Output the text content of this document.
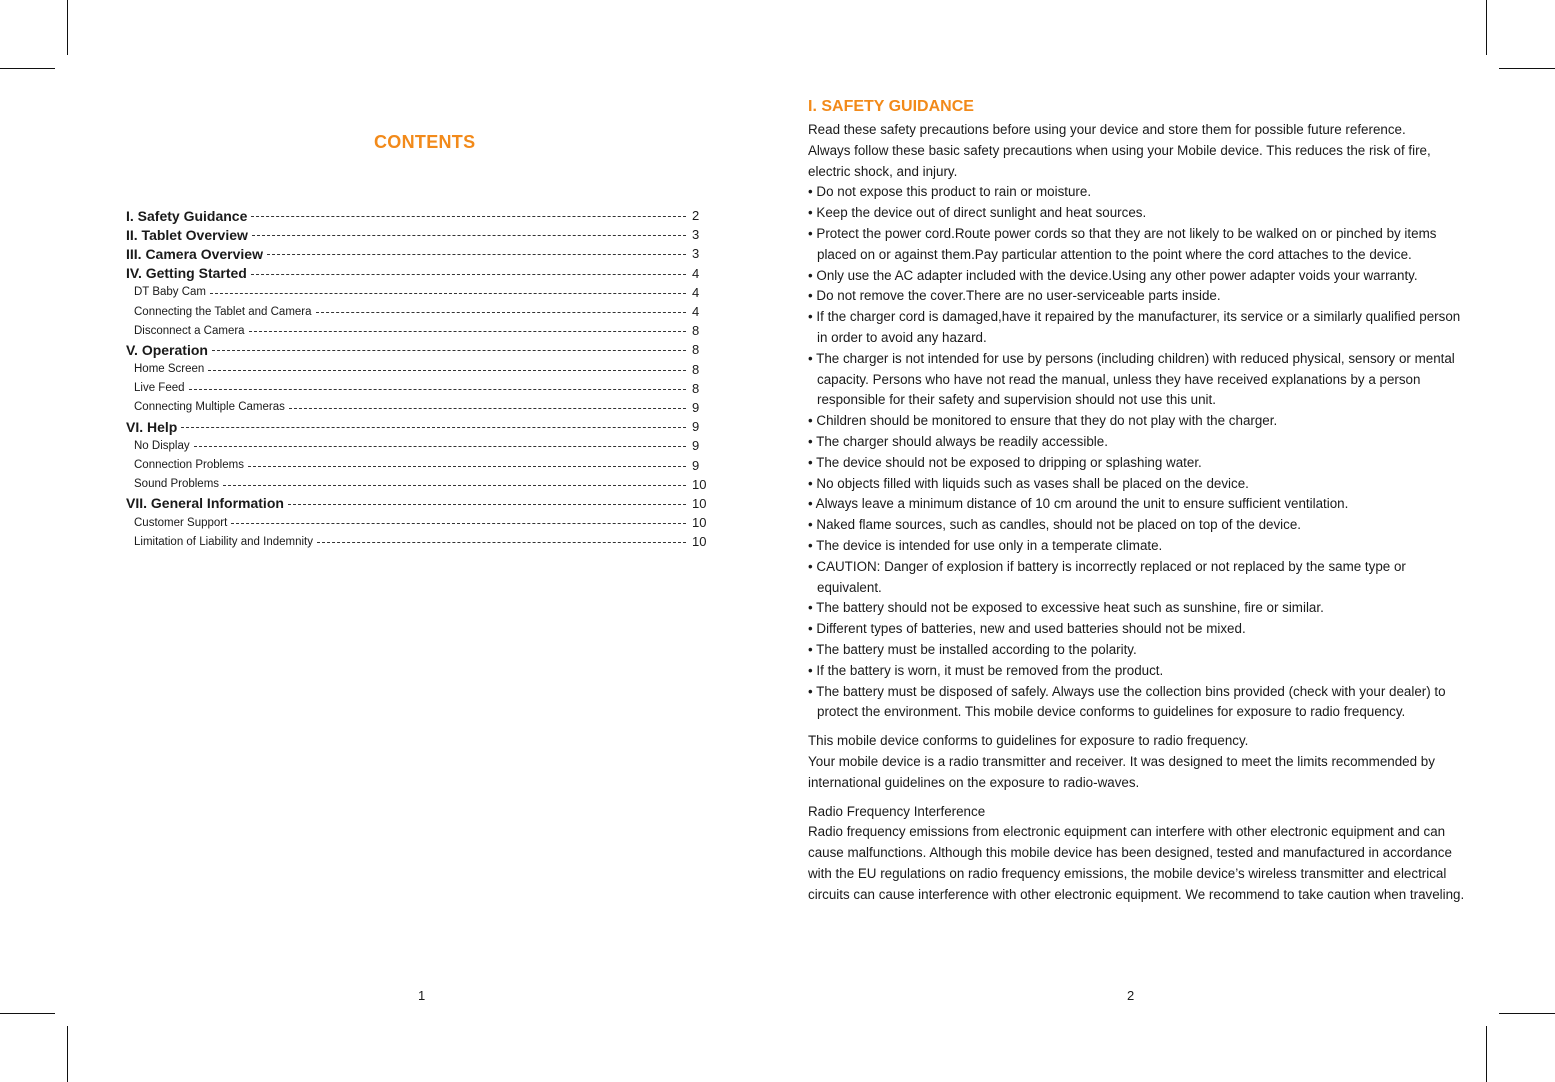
CONTENTS
I. Safety Guidance	2
II. Tablet Overview	3
III. Camera Overview	3
IV. Getting Started	4
DT Baby Cam	4
Connecting the Tablet and Camera	4
Disconnect a Camera	8
V. Operation	8
Home Screen	8
Live Feed	8
Connecting Multiple Cameras	9
VI. Help	9
No Display	9
Connection Problems	9
Sound Problems	10
VII. General Information	10
Customer Support	10
Limitation of Liability and Indemnity	10
1	2
I. SAFETY GUIDANCE
Read these safety precautions before using your device and store them for possible future reference.
Always follow these basic safety precautions when using your Mobile device. This reduces the risk of fire, electric shock, and injury.
• Do not expose this product to rain or moisture.
• Keep the device out of direct sunlight and heat sources.
• Protect the power cord.Route power cords so that they are not likely to be walked on or pinched by items placed on or against them.Pay particular attention to the point where the cord attaches to the device.
• Only use the AC adapter included with the device.Using any other power adapter voids your warranty.
• Do not remove the cover.There are no user-serviceable parts inside.
• If the charger cord is damaged,have it repaired by the manufacturer, its service or a similarly qualified person in order to avoid any hazard.
• The charger is not intended for use by persons (including children) with reduced physical, sensory or mental capacity. Persons who have not read the manual, unless they have received explanations by a person responsible for their safety and supervision should not use this unit.
• Children should be monitored to ensure that they do not play with the charger.
• The charger should always be readily accessible.
• The device should not be exposed to dripping or splashing water.
• No objects filled with liquids such as vases shall be placed on the device.
• Always leave a minimum distance of 10 cm around the unit to ensure sufficient ventilation.
• Naked flame sources, such as candles, should not be placed on top of the device.
• The device is intended for use only in a temperate climate.
• CAUTION: Danger of explosion if battery is incorrectly replaced or not replaced by the same type or equivalent.
• The battery should not be exposed to excessive heat such as sunshine, fire or similar.
• Different types of batteries, new and used batteries should not be mixed.
• The battery must be installed according to the polarity.
• If the battery is worn, it must be removed from the product.
• The battery must be disposed of safely. Always use the collection bins provided (check with your dealer) to protect the environment. This mobile device conforms to guidelines for exposure to radio frequency.
This mobile device conforms to guidelines for exposure to radio frequency.
Your mobile device is a radio transmitter and receiver. It was designed to meet the limits recommended by international guidelines on the exposure to radio-waves.
Radio Frequency Interference
Radio frequency emissions from electronic equipment can interfere with other electronic equipment and can cause malfunctions. Although this mobile device has been designed, tested and manufactured in accordance with the EU regulations on radio frequency emissions, the mobile device’s wireless transmitter and electrical circuits can cause interference with other electronic equipment. We recommend to take caution when traveling.
